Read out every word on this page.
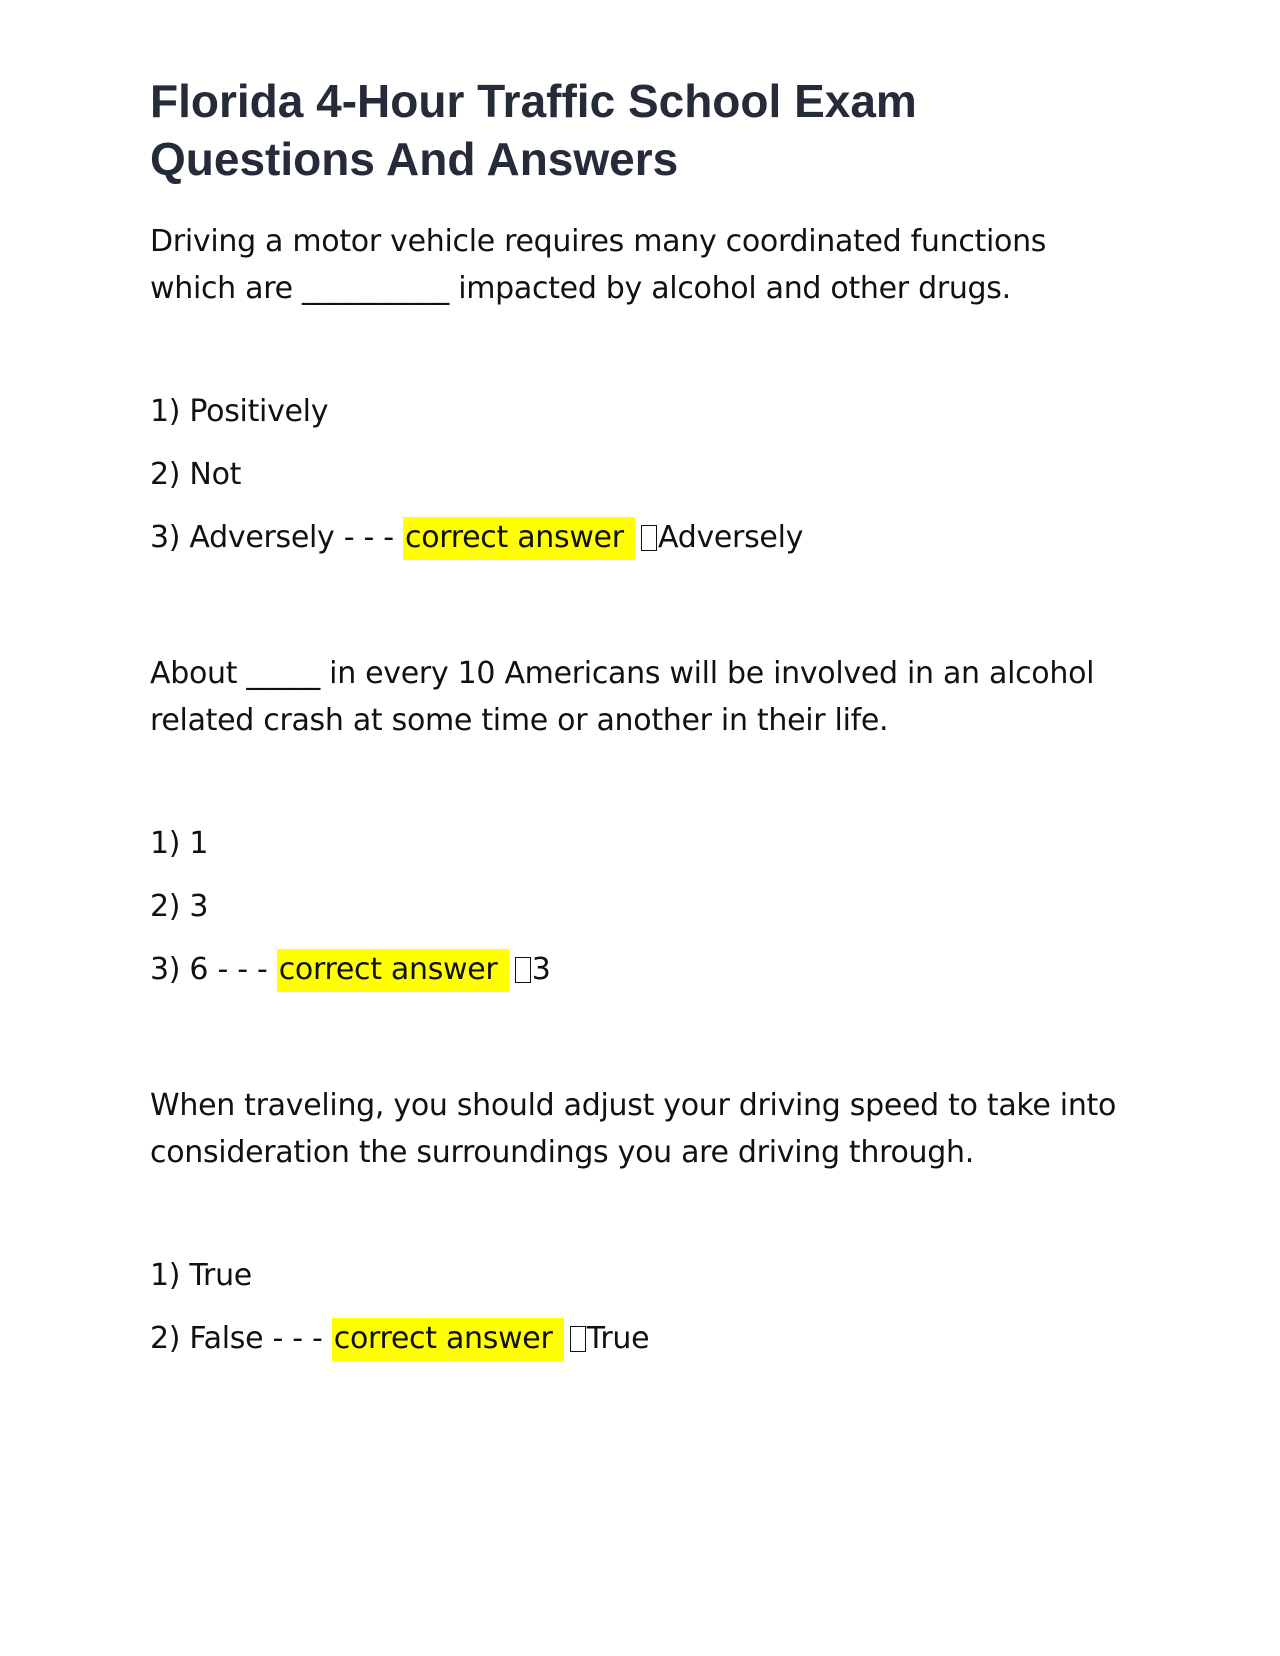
Florida 4-Hour Traffic School Exam Questions And Answers

Driving a motor vehicle requires many coordinated functions which are __________ impacted by alcohol and other drugs.

1) Positively
2) Not
3) Adversely - - - correct answer Adversely

About _____ in every 10 Americans will be involved in an alcohol related crash at some time or another in their life.

1) 1
2) 3
3) 6 - - - correct answer 3

When traveling, you should adjust your driving speed to take into consideration the surroundings you are driving through.

1) True
2) False - - - correct answer True
